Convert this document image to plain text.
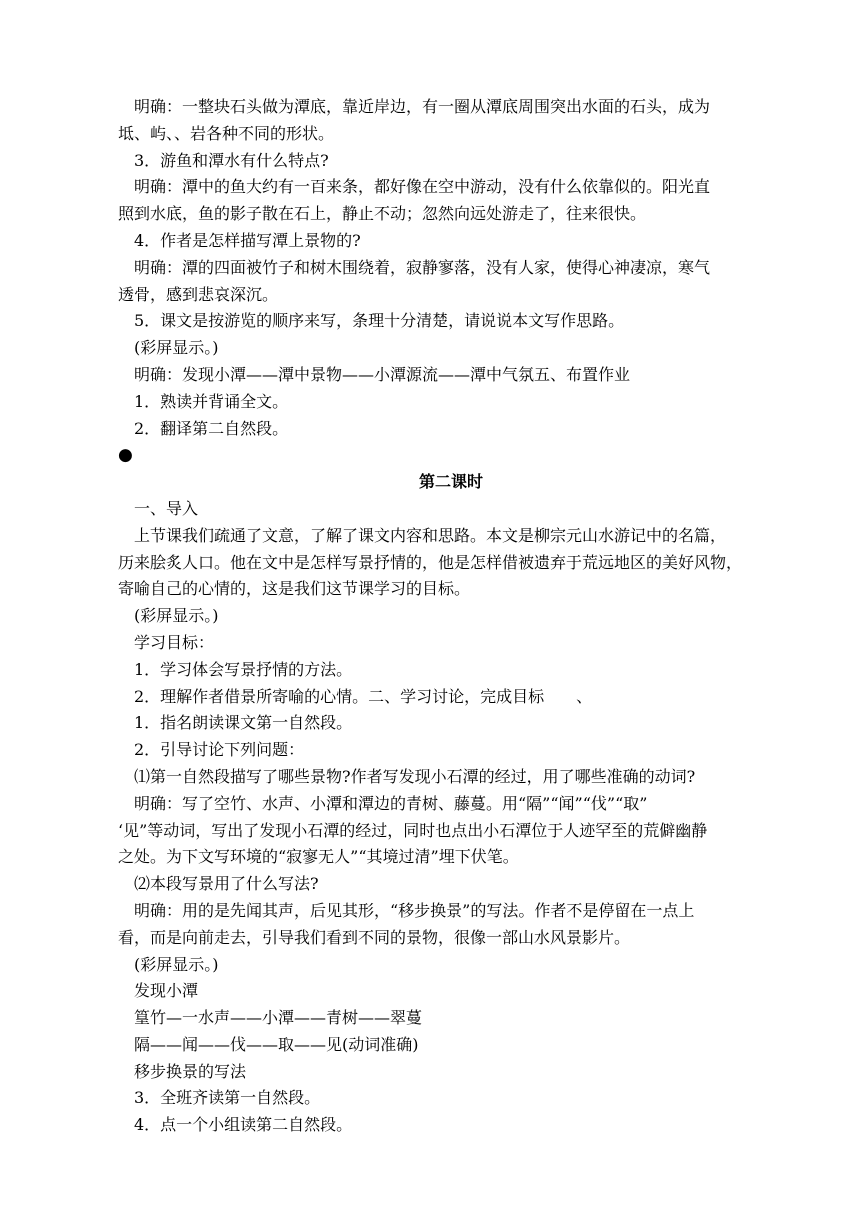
明确：一整块石头做为潭底，靠近岸边，有一圈从潭底周围突出水面的石头，成为
坻、屿、、岩各种不同的形状。
3．游鱼和潭水有什么特点?
明确：潭中的鱼大约有一百来条，都好像在空中游动，没有什么依靠似的。阳光直
照到水底，鱼的影子散在石上，静止不动；忽然向远处游走了，往来很快。
4．作者是怎样描写潭上景物的?
明确：潭的四面被竹子和树木围绕着，寂静寥落，没有人家，使得心神凄凉，寒气
透骨，感到悲哀深沉。
5．课文是按游览的顺序来写，条理十分清楚，请说说本文写作思路。
(彩屏显示。)
明确：发现小潭——潭中景物——小潭源流——潭中气氛五、布置作业
1．熟读并背诵全文。
2．翻译第二自然段。
●
第二课时
一、导入
上节课我们疏通了文意，了解了课文内容和思路。本文是柳宗元山水游记中的名篇，
历来脍炙人口。他在文中是怎样写景抒情的，他是怎样借被遗弃于荒远地区的美好风物，
寄喻自己的心情的，这是我们这节课学习的目标。
(彩屏显示。)
学习目标：
1．学习体会写景抒情的方法。
2．理解作者借景所寄喻的心情。二、学习讨论，完成目标　　、
1．指名朗读课文第一自然段。
2．引导讨论下列问题：
⑴第一自然段描写了哪些景物?作者写发现小石潭的经过，用了哪些准确的动词?
明确：写了空竹、水声、小潭和潭边的青树、藤蔓。用“隔”“闻”“伐”“取”
‘见”等动词，写出了发现小石潭的经过，同时也点出小石潭位于人迹罕至的荒僻幽静
之处。为下文写环境的“寂寥无人”“其境过清”埋下伏笔。
⑵本段写景用了什么写法?
明确：用的是先闻其声，后见其形，“移步换景”的写法。作者不是停留在一点上
看，而是向前走去，引导我们看到不同的景物，很像一部山水风景影片。
(彩屏显示。)
发现小潭
篁竹—一水声——小潭——青树——翠蔓
隔——闻——伐——取——见(动词准确)
移步换景的写法
3．全班齐读第一自然段。
4．点一个小组读第二自然段。
